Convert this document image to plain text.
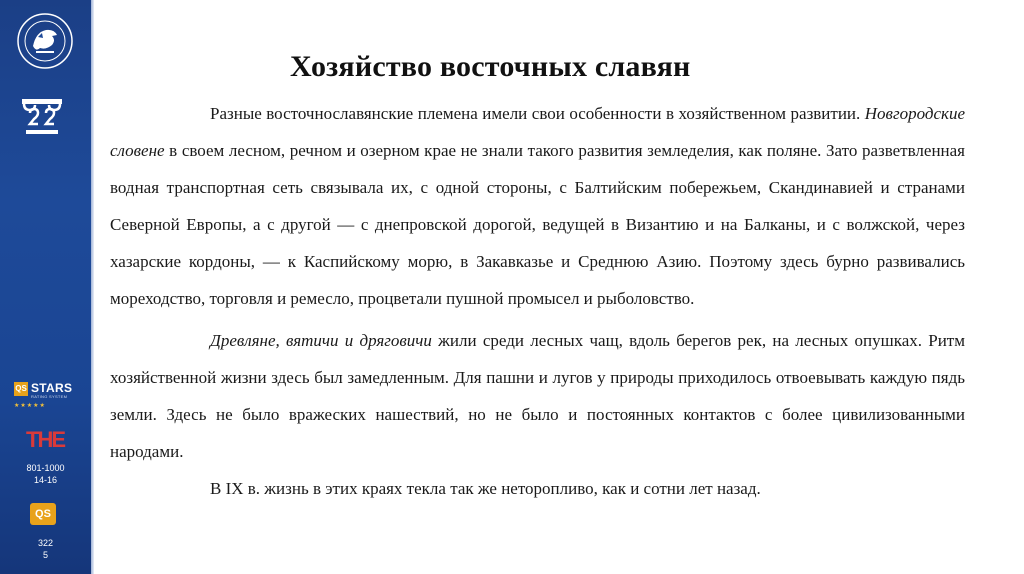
QS STARS
RATING SYSTEM
★★★★★
THE
801-1000
14-16
QS
322
5
Хозяйство восточных славян

Разные восточнославянские племена имели свои особенности в хозяйственном развитии. Новгородские словене в своем лесном, речном и озерном крае не знали такого развития земледелия, как поляне. Зато разветвленная водная транспортная сеть связывала их, с одной стороны, с Балтийским побережьем, Скандинавией и странами Северной Европы, а с другой — с днепровской дорогой, ведущей в Византию и на Балканы, и с волжской, через хазарские кордоны, — к Каспийскому морю, в Закавказье и Среднюю Азию. Поэтому здесь бурно развивались мореходство, торговля и ремесло, процветали пушной промысел и рыболовство.

Древляне, вятичи и дряговичи жили среди лесных чащ, вдоль берегов рек, на лесных опушках. Ритм хозяйственной жизни здесь был замедленным. Для пашни и лугов у природы приходилось отвоевывать каждую пядь земли. Здесь не было вражеских нашествий, но не было и постоянных контактов с более цивилизованными народами.

В IX в. жизнь в этих краях текла так же неторопливо, как и сотни лет назад.
